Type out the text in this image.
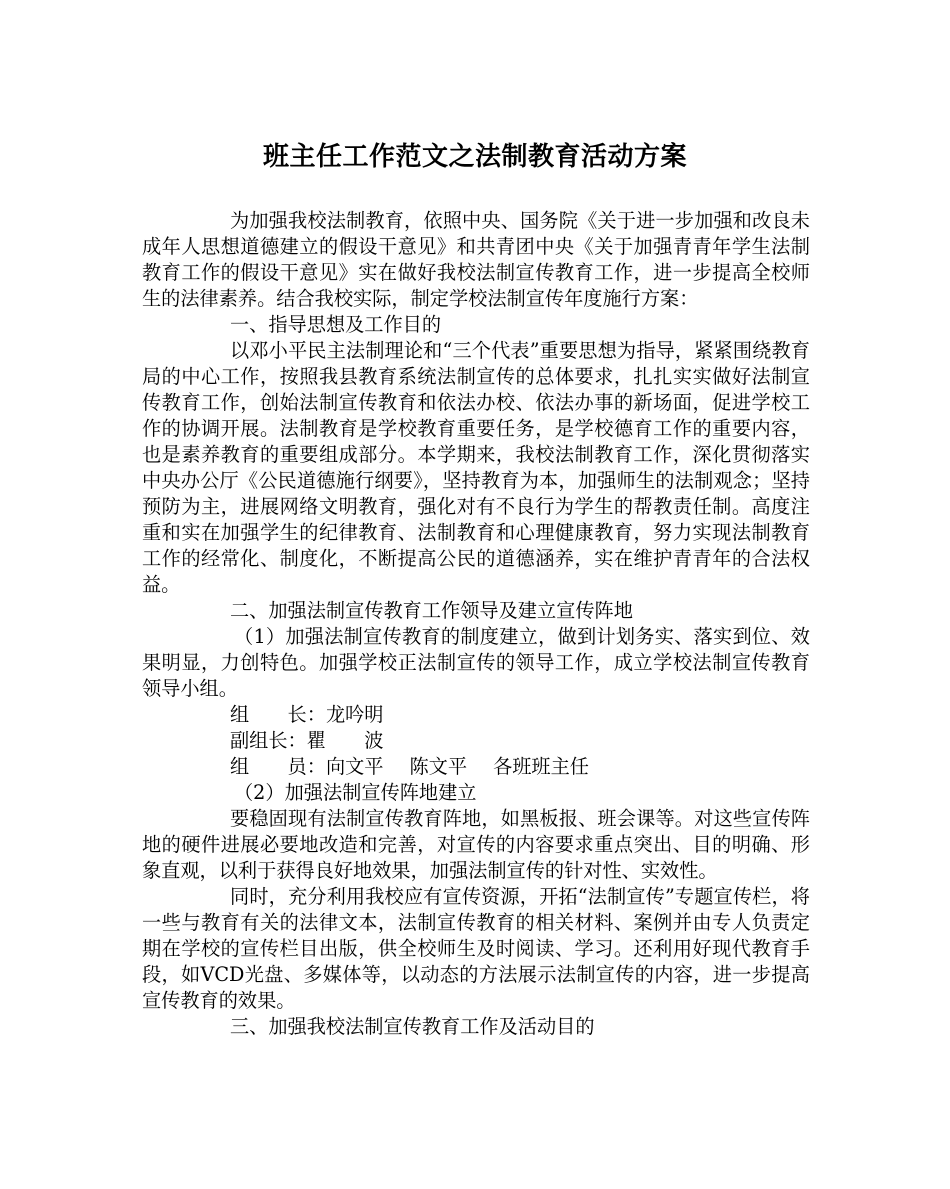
班主任工作范文之法制教育活动方案

为加强我校法制教育，依照中央、国务院《关于进一步加强和改良未成年人思想道德建立的假设干意见》和共青团中央《关于加强青青年学生法制教育工作的假设干意见》实在做好我校法制宣传教育工作，进一步提高全校师生的法律素养。结合我校实际，制定学校法制宣传年度施行方案：

一、指导思想及工作目的

以邓小平民主法制理论和“三个代表”重要思想为指导，紧紧围绕教育局的中心工作，按照我县教育系统法制宣传的总体要求，扎扎实实做好法制宣传教育工作，创始法制宣传教育和依法办校、依法办事的新场面，促进学校工作的协调开展。法制教育是学校教育重要任务，是学校德育工作的重要内容，也是素养教育的重要组成部分。本学期来，我校法制教育工作，深化贯彻落实中央办公厅《公民道德施行纲要》，坚持教育为本，加强师生的法制观念；坚持预防为主，进展网络文明教育，强化对有不良行为学生的帮教责任制。高度注重和实在加强学生的纪律教育、法制教育和心理健康教育，努力实现法制教育工作的经常化、制度化，不断提高公民的道德涵养，实在维护青青年的合法权益。

二、加强法制宣传教育工作领导及建立宣传阵地

（1）加强法制宣传教育的制度建立，做到计划务实、落实到位、效果明显，力创特色。加强学校正法制宣传的领导工作，成立学校法制宣传教育领导小组。

组　　长：龙吟明

副组长：瞿　　波

组　　员：向文平 陈文平 各班班主任

（2）加强法制宣传阵地建立

要稳固现有法制宣传教育阵地，如黑板报、班会课等。对这些宣传阵地的硬件进展必要地改造和完善，对宣传的内容要求重点突出、目的明确、形象直观，以利于获得良好地效果，加强法制宣传的针对性、实效性。

同时，充分利用我校应有宣传资源，开拓“法制宣传”专题宣传栏，将一些与教育有关的法律文本，法制宣传教育的相关材料、案例并由专人负责定期在学校的宣传栏目出版，供全校师生及时阅读、学习。还利用好现代教育手段，如VCD光盘、多媒体等，以动态的方法展示法制宣传的内容，进一步提高宣传教育的效果。

三、加强我校法制宣传教育工作及活动目的
